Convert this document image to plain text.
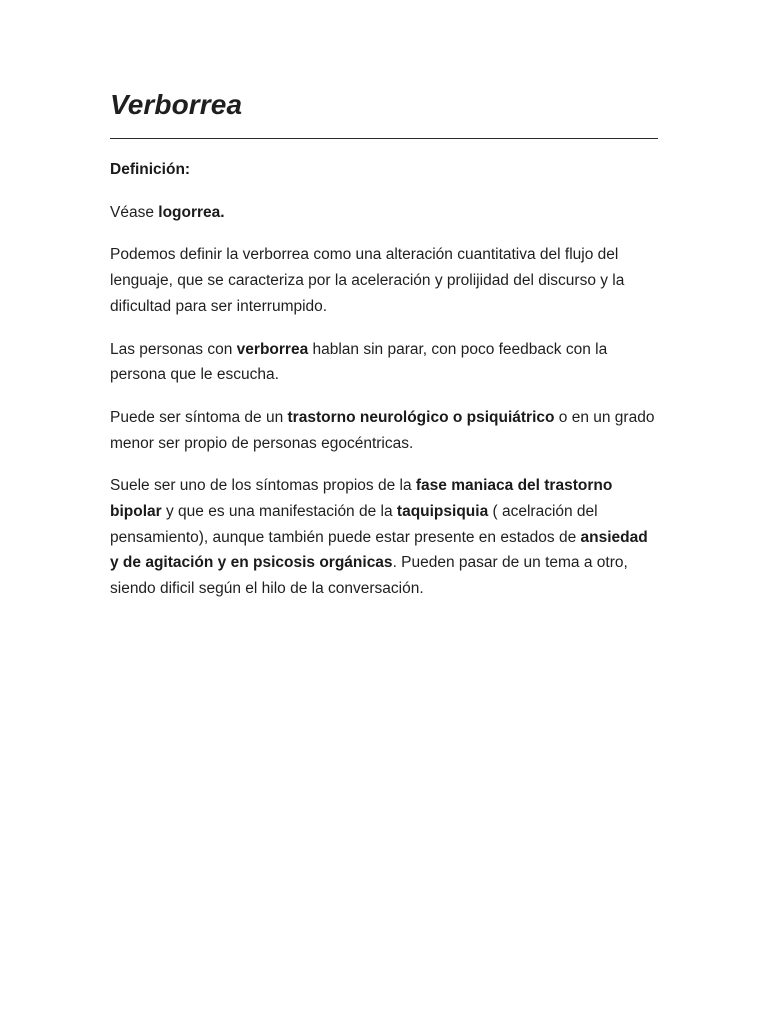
Verborrea

Definición:

Véase logorrea.

Podemos definir la verborrea como una alteración cuantitativa del flujo del lenguaje, que se caracteriza por la aceleración y prolijidad del discurso y la dificultad para ser interrumpido.

Las personas con verborrea hablan sin parar, con poco feedback con la persona que le escucha.

Puede ser síntoma de un trastorno neurológico o psiquiátrico o en un grado menor ser propio de personas egocéntricas.

Suele ser uno de los síntomas propios de la fase maniaca del trastorno bipolar y que es una manifestación de la taquipsiquia ( acelración del pensamiento), aunque también puede estar presente en estados de ansiedad y de agitación y en psicosis orgánicas. Pueden pasar de un tema a otro, siendo dificil según el hilo de la conversación.
